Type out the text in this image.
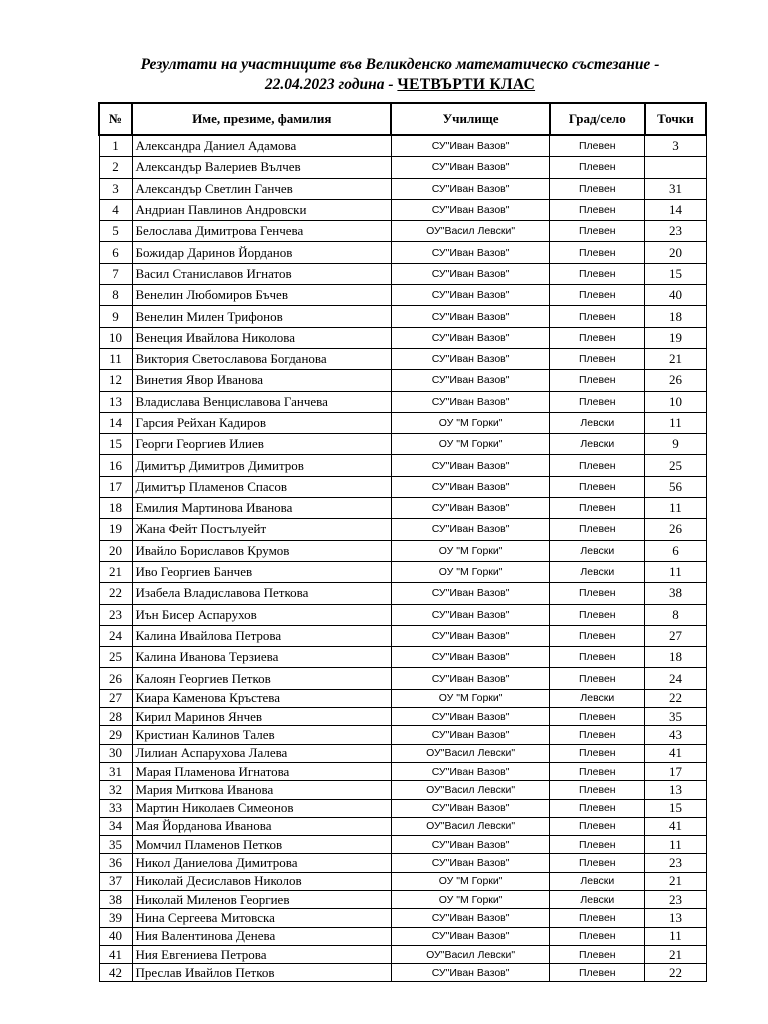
Резултати на участниците във Великденско математическо състезание -
22.04.2023 година - ЧЕТВЪРТИ КЛАС
№	Име, презиме, фамилия	Училище	Град/село	Точки
1	Александра Даниел Адамова	СУ"Иван Вазов"	Плевен	3
2	Александър Валериев Вълчев	СУ"Иван Вазов"	Плевен	
3	Александър Светлин Ганчев	СУ"Иван Вазов"	Плевен	31
4	Андриан Павлинов Андровски	СУ"Иван Вазов"	Плевен	14
5	Белослава Димитрова Генчева	ОУ"Васил Левски"	Плевен	23
6	Божидар Даринов Йорданов	СУ"Иван Вазов"	Плевен	20
7	Васил Станиславов Игнатов	СУ"Иван Вазов"	Плевен	15
8	Венелин Любомиров Бъчев	СУ"Иван Вазов"	Плевен	40
9	Венелин Милен Трифонов	СУ"Иван Вазов"	Плевен	18
10	Венеция Ивайлова Николова	СУ"Иван Вазов"	Плевен	19
11	Виктория Светославова Богданова	СУ"Иван Вазов"	Плевен	21
12	Винетия Явор Иванова	СУ"Иван Вазов"	Плевен	26
13	Владислава Венциславова Ганчева	СУ"Иван Вазов"	Плевен	10
14	Гарсия Рейхан Кадиров	ОУ "М Горки"	Левски	11
15	Георги Георгиев Илиев	ОУ "М Горки"	Левски	9
16	Димитър Димитров Димитров	СУ"Иван Вазов"	Плевен	25
17	Димитър Пламенов Спасов	СУ"Иван Вазов"	Плевен	56
18	Емилия Мартинова Иванова	СУ"Иван Вазов"	Плевен	11
19	Жана Фейт Постълуейт	СУ"Иван Вазов"	Плевен	26
20	Ивайло Бориславов Крумов	ОУ "М Горки"	Левски	6
21	Иво Георгиев Банчев	ОУ "М Горки"	Левски	11
22	Изабела Владиславова Петкова	СУ"Иван Вазов"	Плевен	38
23	Иън Бисер Аспарухов	СУ"Иван Вазов"	Плевен	8
24	Калина Ивайлова Петрова	СУ"Иван Вазов"	Плевен	27
25	Калина Иванова Терзиева	СУ"Иван Вазов"	Плевен	18
26	Калоян Георгиев Петков	СУ"Иван Вазов"	Плевен	24
27	Киара Каменова Кръстева	ОУ "М Горки"	Левски	22
28	Кирил Маринов Янчев	СУ"Иван Вазов"	Плевен	35
29	Кристиан Калинов Талев	СУ"Иван Вазов"	Плевен	43
30	Лилиан Аспарухова Лалева	ОУ"Васил Левски"	Плевен	41
31	Марая Пламенова Игнатова	СУ"Иван Вазов"	Плевен	17
32	Мария Миткова Иванова	ОУ"Васил Левски"	Плевен	13
33	Мартин Николаев Симеонов	СУ"Иван Вазов"	Плевен	15
34	Мая Йорданова Иванова	ОУ"Васил Левски"	Плевен	41
35	Момчил Пламенов Петков	СУ"Иван Вазов"	Плевен	11
36	Никол Даниелова Димитрова	СУ"Иван Вазов"	Плевен	23
37	Николай Десиславов Николов	ОУ "М Горки"	Левски	21
38	Николай Миленов Георгиев	ОУ "М Горки"	Левски	23
39	Нина Сергеева Митовска	СУ"Иван Вазов"	Плевен	13
40	Ния Валентинова Денева	СУ"Иван Вазов"	Плевен	11
41	Ния Евгениева Петрова	ОУ"Васил Левски"	Плевен	21
42	Преслав Ивайлов Петков	СУ"Иван Вазов"	Плевен	22
